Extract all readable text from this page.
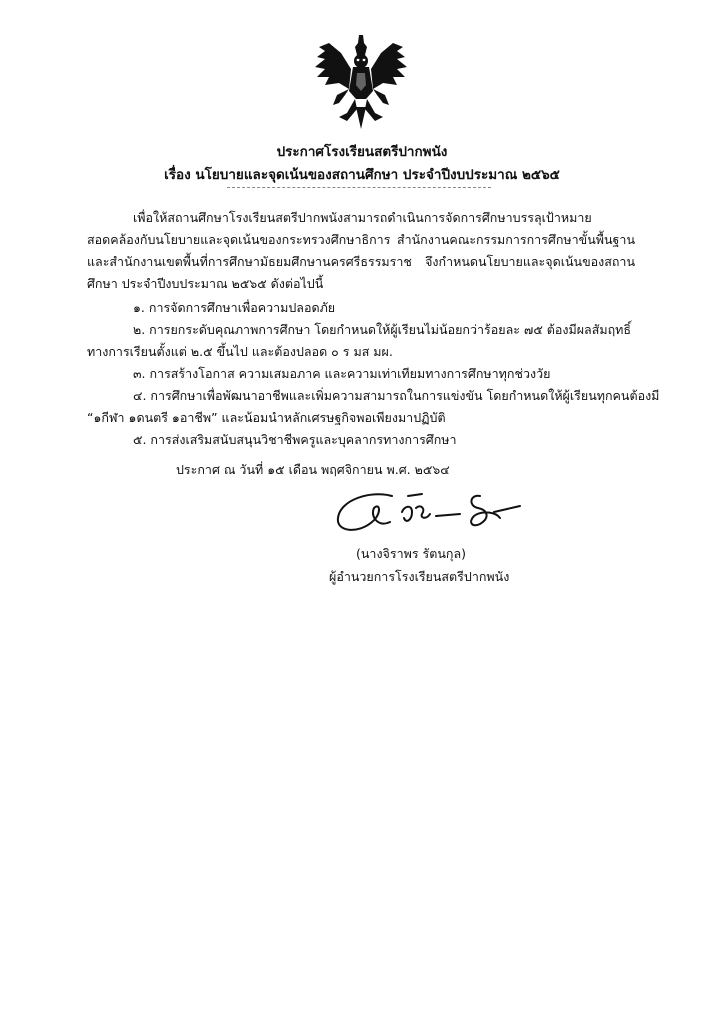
ประกาศโรงเรียนสตรีปากพนัง
เรื่อง นโยบายและจุดเน้นของสถานศึกษา ประจำปีงบประมาณ ๒๕๖๕
เพื่อให้สถานศึกษาโรงเรียนสตรีปากพนังสามารถดำเนินการจัดการศึกษาบรรลุเป้าหมาย สอดคล้องกับนโยบายและจุดเน้นของกระทรวงศึกษาธิการ สำนักงานคณะกรรมการการศึกษาขั้นพื้นฐาน และสำนักงานเขตพื้นที่การศึกษามัธยมศึกษานครศรีธรรมราช จึงกำหนดนโยบายและจุดเน้นของสถานศึกษา ประจำปีงบประมาณ ๒๕๖๕ ดังต่อไปนี้
๑. การจัดการศึกษาเพื่อความปลอดภัย
๒. การยกระดับคุณภาพการศึกษา โดยกำหนดให้ผู้เรียนไม่น้อยกว่าร้อยละ ๗๕ ต้องมีผลสัมฤทธิ์
ทางการเรียนตั้งแต่ ๒.๕ ขึ้นไป และต้องปลอด ๐ ร มส มผ.
๓. การสร้างโอกาส ความเสมอภาค และความเท่าเทียมทางการศึกษาทุกช่วงวัย
๔. การศึกษาเพื่อพัฒนาอาชีพและเพิ่มความสามารถในการแข่งขัน โดยกำหนดให้ผู้เรียนทุกคนต้องมี
“๑กีฬา ๑ดนตรี ๑อาชีพ” และน้อมนำหลักเศรษฐกิจพอเพียงมาปฏิบัติ
๕. การส่งเสริมสนับสนุนวิชาชีพครูและบุคลากรทางการศึกษา
ประกาศ ณ วันที่ ๑๕ เดือน พฤศจิกายน พ.ศ. ๒๕๖๔
(นางจิราพร รัตนกุล)
ผู้อำนวยการโรงเรียนสตรีปากพนัง
